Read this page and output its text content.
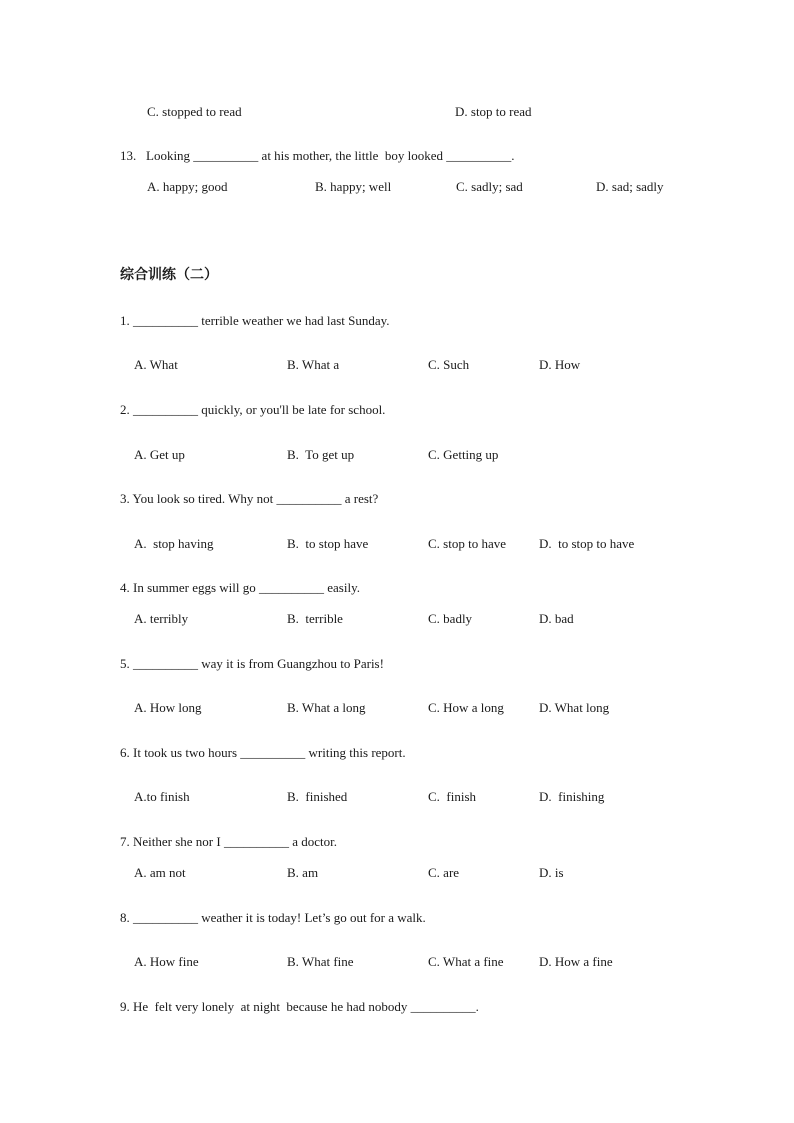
C. stopped to read	D. stop to read
13.   Looking __________ at his mother, the little  boy looked __________.
A. happy; good	B. happy; well	C. sadly; sad	D. sad; sadly
综合训练（二）
1. __________ terrible weather we had last Sunday.
A. What	B. What a	C. Such	D. How
2. __________ quickly, or you'll be late for school.
A. Get up	B.  To get up	C. Getting up
3. You look so tired. Why not __________ a rest?
A.  stop having	B.  to stop have	C. stop to have	D.  to stop to have
4. In summer eggs will go __________ easily.
A. terribly	B.  terrible	C. badly	D. bad
5. __________ way it is from Guangzhou to Paris!
A. How long	B. What a long	C. How a long	D. What long
6. It took us two hours __________ writing this report.
A.to finish	B.  finished	C.  finish	D.  finishing
7. Neither she nor I __________ a doctor.
A. am not	B. am	C. are	D. is
8. __________ weather it is today! Let’s go out for a walk.
A. How fine	B. What fine	C. What a fine	D. How a fine
9. He  felt very lonely  at night  because he had nobody __________.
